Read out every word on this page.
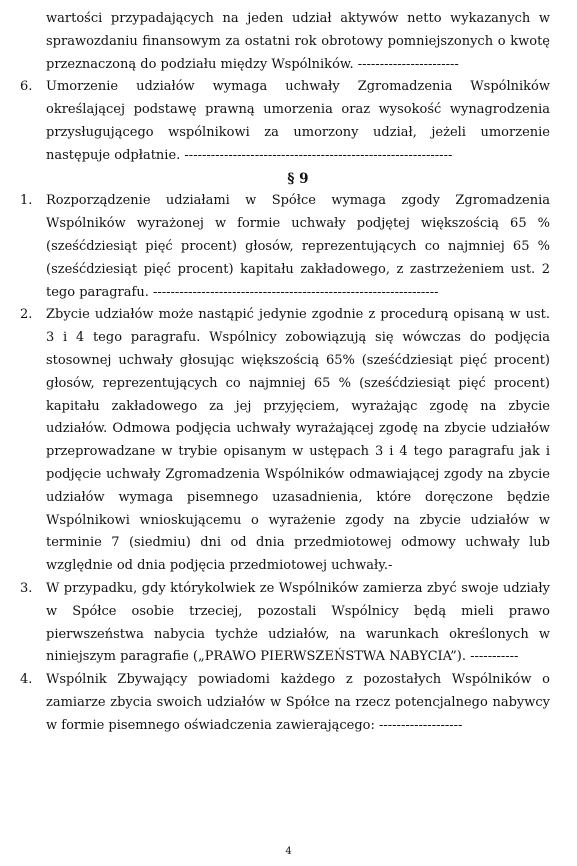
wartości przypadających na jeden udział aktywów netto wykazanych w sprawozdaniu finansowym za ostatni rok obrotowy pomniejszonych o kwotę przeznaczoną do podziału między Wspólników. -----------------------

6.	Umorzenie udziałów wymaga uchwały Zgromadzenia Wspólników określającej podstawę prawną umorzenia oraz wysokość wynagrodzenia przysługującego wspólnikowi za umorzony udział, jeżeli umorzenie następuje odpłatnie. -------------------------------------------------------------

§ 9

1.	Rozporządzenie udziałami w Spółce wymaga zgody Zgromadzenia Wspólników wyrażonej w formie uchwały podjętej większością 65 % (sześćdziesiąt pięć procent) głosów, reprezentujących co najmniej 65 % (sześćdziesiąt pięć procent) kapitału zakładowego, z zastrzeżeniem ust. 2 tego paragrafu. -----------------------------------------------------------------

2.	Zbycie udziałów może nastąpić jedynie zgodnie z procedurą opisaną w ust. 3 i 4 tego paragrafu. Wspólnicy zobowiązują się wówczas do podjęcia stosownej uchwały głosując większością 65% (sześćdziesiąt pięć procent) głosów, reprezentujących co najmniej 65 % (sześćdziesiąt pięć procent) kapitału zakładowego za jej przyjęciem, wyrażając zgodę na zbycie udziałów. Odmowa podjęcia uchwały wyrażającej zgodę na zbycie udziałów przeprowadzane w trybie opisanym w ustępach 3 i 4 tego paragrafu jak i podjęcie uchwały Zgromadzenia Wspólników odmawiającej zgody na zbycie udziałów wymaga pisemnego uzasadnienia, które doręczone będzie Wspólnikowi wnioskującemu o wyrażenie zgody na zbycie udziałów w terminie 7 (siedmiu) dni od dnia przedmiotowej odmowy uchwały lub względnie od dnia podjęcia przedmiotowej uchwały.-

3.	W przypadku, gdy którykolwiek ze Wspólników zamierza zbyć swoje udziały w Spółce osobie trzeciej, pozostali Wspólnicy będą mieli prawo pierwszeństwa nabycia tychże udziałów, na warunkach określonych w niniejszym paragrafie („PRAWO PIERWSZEŃSTWA NABYCIA”). -----------

4.	Wspólnik Zbywający powiadomi każdego z pozostałych Wspólników o zamiarze zbycia swoich udziałów w Spółce na rzecz potencjalnego nabywcy w formie pisemnego oświadczenia zawierającego: -------------------

4
